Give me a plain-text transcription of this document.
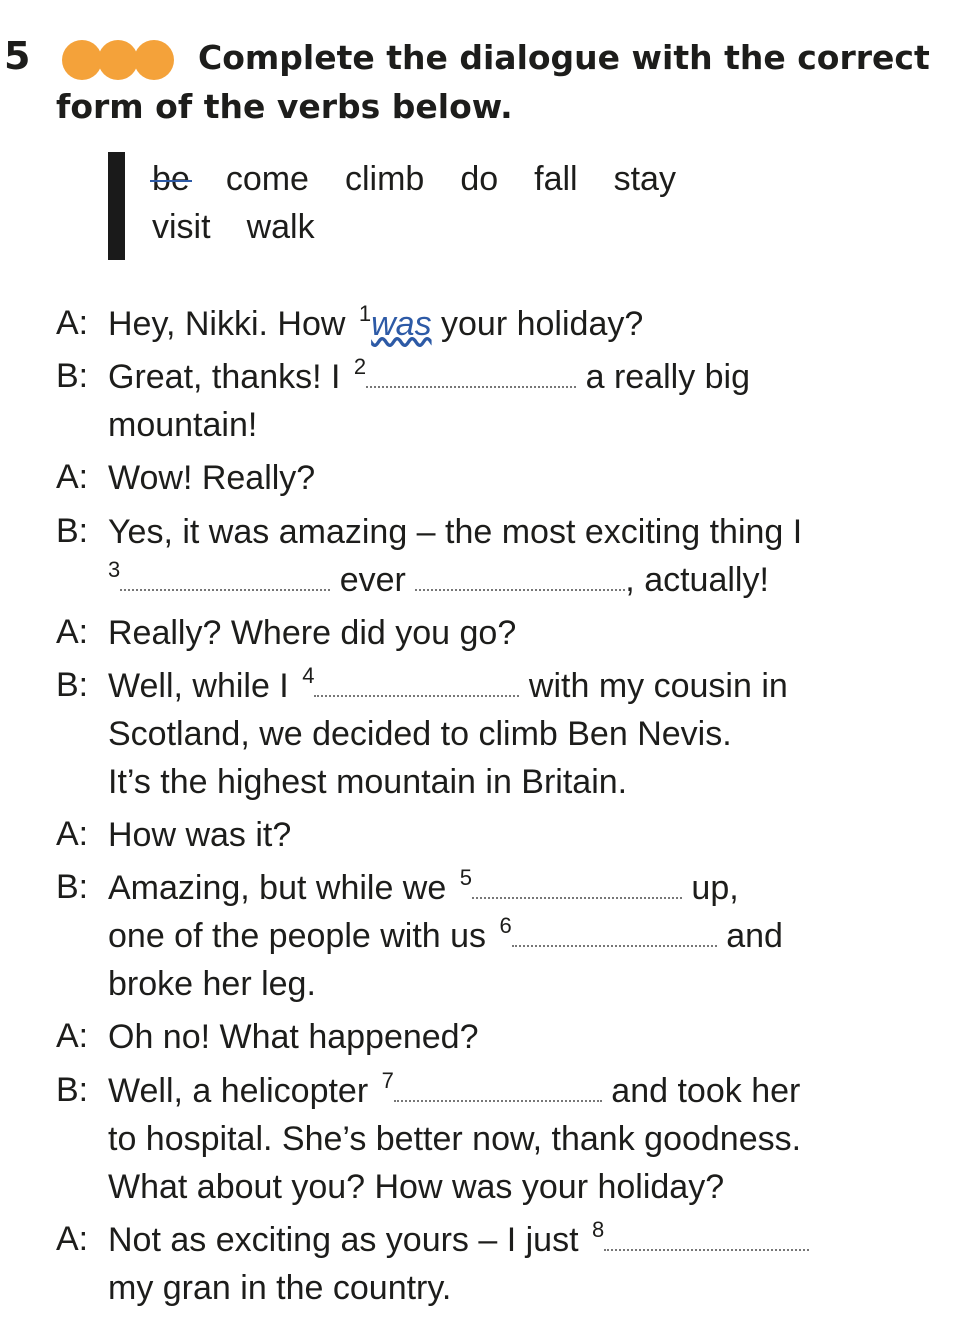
5	Complete the dialogue with the correct
form of the verbs below.
be come climb do fall stay
visit walk
A: Hey, Nikki. How $^1$was your holiday?
B: Great, thanks! I $^2$	a really big
mountain!
A: Wow! Really?
B: Yes, it was amazing – the most exciting thing I
$^3$	ever	, actually!
A: Really? Where did you go?
B: Well, while I $^4$	with my cousin in
Scotland, we decided to climb Ben Nevis.
It’s the highest mountain in Britain.
A: How was it?
B: Amazing, but while we $^5$	up,
one of the people with us $^6$	and
broke her leg.
A: Oh no! What happened?
B: Well, a helicopter $^7$	and took her
to hospital. She’s better now, thank goodness.
What about you? How was your holiday?
A: Not as exciting as yours – I just $^8$
my gran in the country.
